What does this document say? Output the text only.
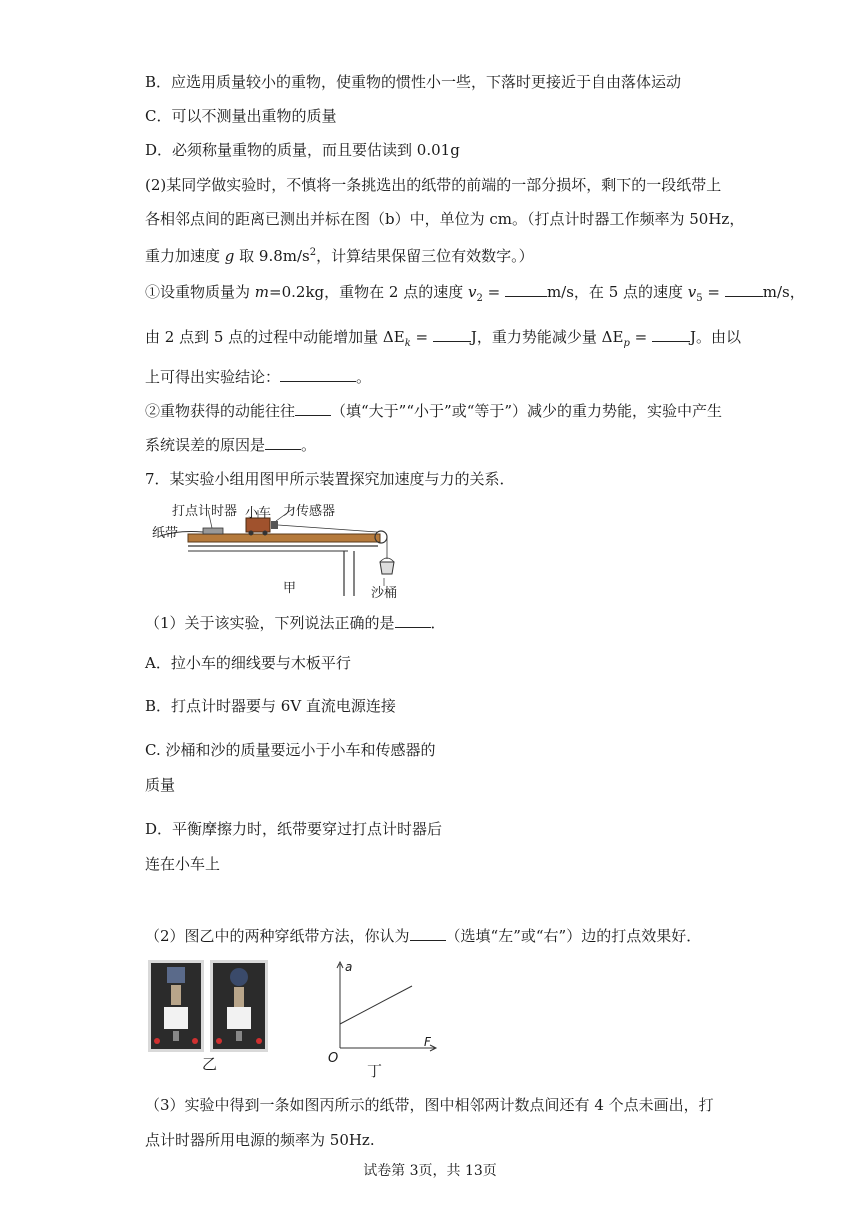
B．应选用质量较小的重物，使重物的惯性小一些，下落时更接近于自由落体运动
C．可以不测量出重物的质量
D．必须称量重物的质量，而且要估读到 0.01g
(2)某同学做实验时，不慎将一条挑选出的纸带的前端的一部分损坏，剩下的一段纸带上
各相邻点间的距离已测出并标在图（b）中，单位为 cm。（打点计时器工作频率为 50Hz，
重力加速度 g 取 $9.8m/s^2$，计算结果保留三位有效数字。）
①设重物质量为 m=0.2kg，重物在 2 点的速度 $v_2$ =	m/s，在 5 点的速度 $v_5$ =	m/s，
由 2 点到 5 点的过程中动能增加量 $\Delta E_k$ =	J，重力势能减少量 $\Delta E_p$ =	J。由以
上可得出实验结论：	。
②重物获得的动能往往 （填“大于”“小于”或“等于”）减少的重力势能，实验中产生
系统误差的原因是 。
7．某实验小组用图甲所示装置探究加速度与力的关系．
打点计时器 小车 力传感器
纸带
甲	沙桶
（1）关于该实验，下列说法正确的是 ．
A．拉小车的细线要与木板平行
B．打点计时器要与 6V 直流电源连接
C. 沙桶和沙的质量要远小于小车和传感器的
质量
D．平衡摩擦力时，纸带要穿过打点计时器后
连在小车上
（2）图乙中的两种穿纸带方法，你认为 （选填“左”或“右”）边的打点效果好．
乙
a
F
O
丁
（3）实验中得到一条如图丙所示的纸带，图中相邻两计数点间还有 4 个点未画出，打
点计时器所用电源的频率为 50Hz.
试卷第 3页，共 13页
